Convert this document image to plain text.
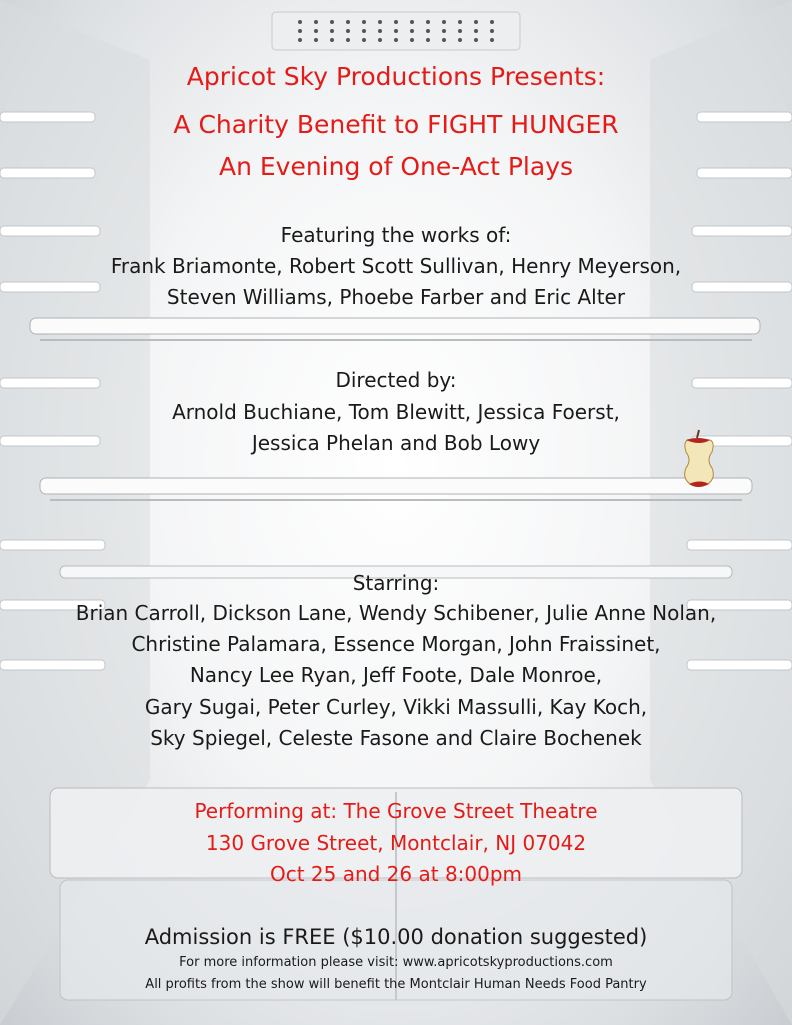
Apricot Sky Productions Presents:
A Charity Benefit to FIGHT HUNGER
An Evening of One-Act Plays
Featuring the works of:
Frank Briamonte, Robert Scott Sullivan, Henry Meyerson,
Steven Williams, Phoebe Farber and Eric Alter
Directed by:
Arnold Buchiane, Tom Blewitt, Jessica Foerst,
Jessica Phelan and Bob Lowy
Starring:
Brian Carroll, Dickson Lane, Wendy Schibener, Julie Anne Nolan,
Christine Palamara, Essence Morgan, John Fraissinet,
Nancy Lee Ryan, Jeff Foote, Dale Monroe,
Gary Sugai, Peter Curley, Vikki Massulli, Kay Koch,
Sky Spiegel, Celeste Fasone and Claire Bochenek
Performing at: The Grove Street Theatre
130 Grove Street, Montclair, NJ 07042
Oct 25 and 26 at 8:00pm
Admission is FREE ($10.00 donation suggested)
For more information please visit: www.apricotskyproductions.com
All profits from the show will benefit the Montclair Human Needs Food Pantry
